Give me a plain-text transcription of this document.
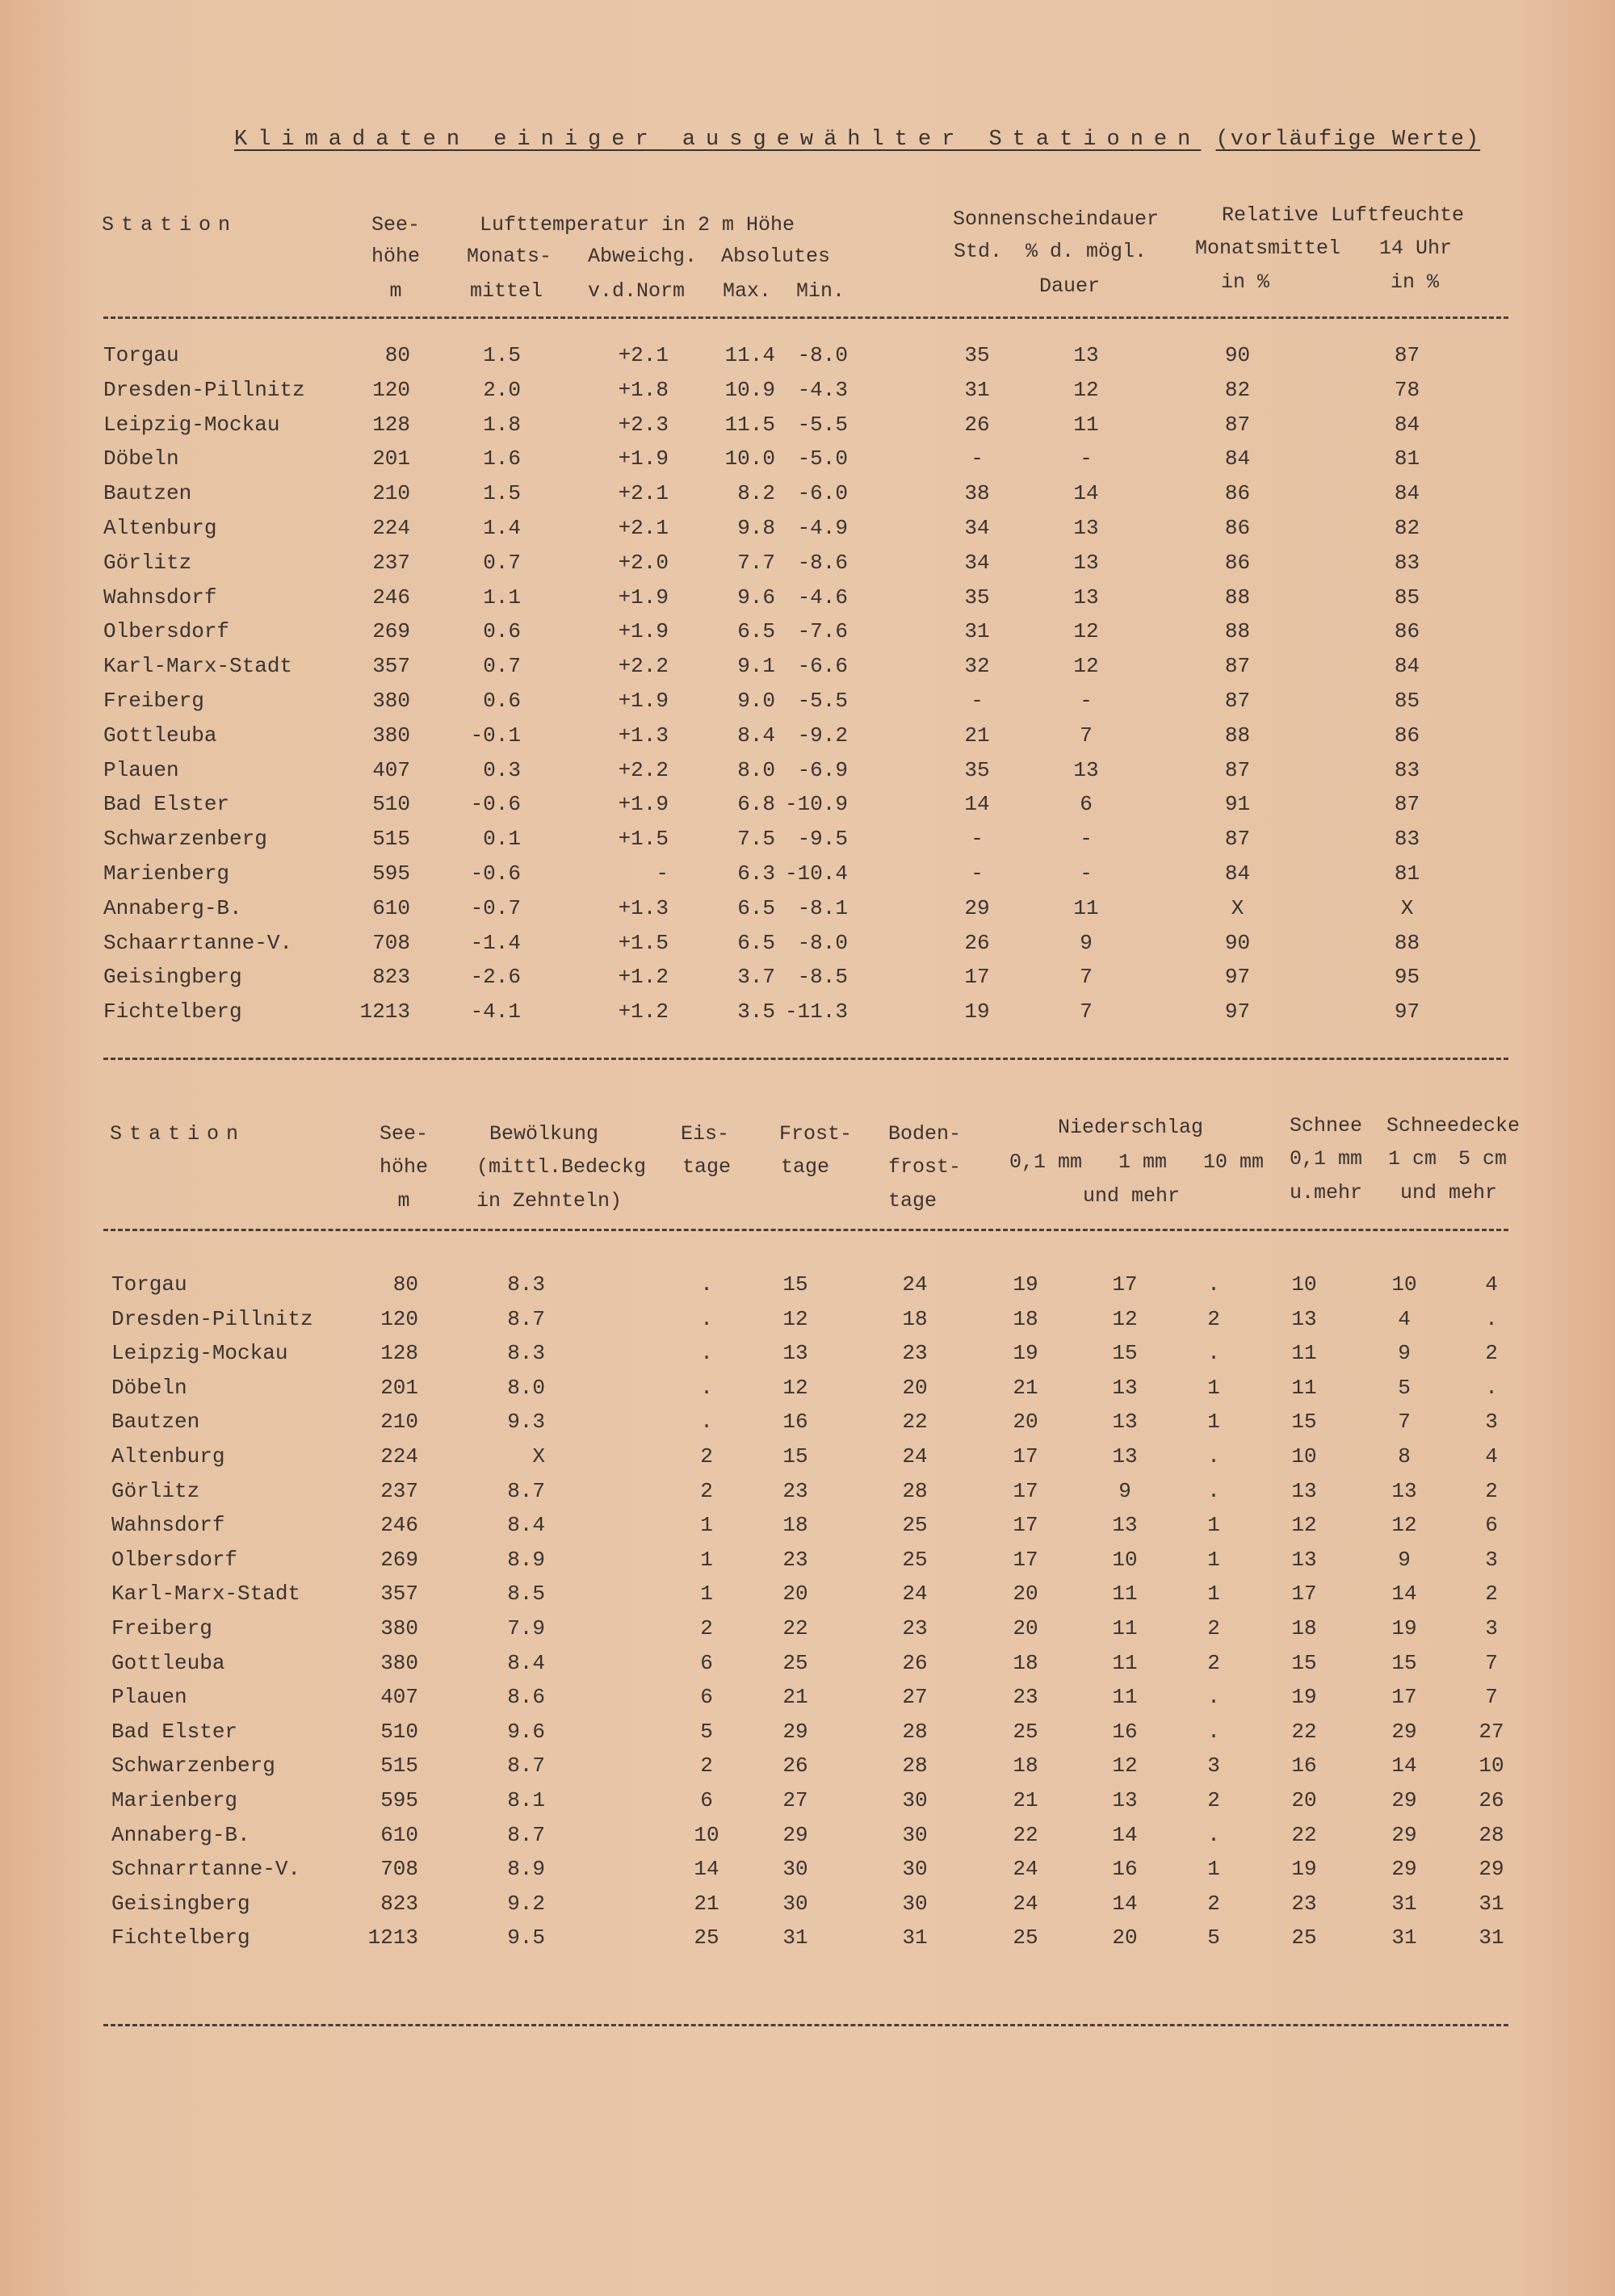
Klimadaten einiger ausgewählter Stationen (vorläufige Werte)
Station	See-
höhe
m
Lufttemperatur in 2 m Höhe
Monats-
mittel
Abweichg.
v.d.Norm
Absolutes
Max. Min.
Sonnenscheindauer
Std. % d. mögl.
Dauer
Relative Luftfeuchte
Monatsmittel
in %
14 Uhr
in %
Torgau	80	1.5	+2.1	11.4	-8.0	35	13	90	87
Dresden-Pillnitz	120	2.0	+1.8	10.9	-4.3	31	12	82	78
Leipzig-Mockau	128	1.8	+2.3	11.5	-5.5	26	11	87	84
Döbeln	201	1.6	+1.9	10.0	-5.0	-	-	84	81
Bautzen	210	1.5	+2.1	8.2	-6.0	38	14	86	84
Altenburg	224	1.4	+2.1	9.8	-4.9	34	13	86	82
Görlitz	237	0.7	+2.0	7.7	-8.6	34	13	86	83
Wahnsdorf	246	1.1	+1.9	9.6	-4.6	35	13	88	85
Olbersdorf	269	0.6	+1.9	6.5	-7.6	31	12	88	86
Karl-Marx-Stadt	357	0.7	+2.2	9.1	-6.6	32	12	87	84
Freiberg	380	0.6	+1.9	9.0	-5.5	-	-	87	85
Gottleuba	380	-0.1	+1.3	8.4	-9.2	21	7	88	86
Plauen	407	0.3	+2.2	8.0	-6.9	35	13	87	83
Bad Elster	510	-0.6	+1.9	6.8 -10.9	14	6	91	87
Schwarzenberg	515	0.1	+1.5	7.5	-9.5	-	-	87	83
Marienberg	595	-0.6	-	6.3 -10.4	-	-	84	81
Annaberg-B.	610	-0.7	+1.3	6.5	-8.1	29	11	X	X
Schaarrtanne-V.	708	-1.4	+1.5	6.5	-8.0	26	9	90	88
Geisingberg	823	-2.6	+1.2	3.7	-8.5	17	7	97	95
Fichtelberg	1213	-4.1	+1.2	3.5 -11.3	19	7	97	97
Station	See-
höhe
m
Bewölkung
(mittl.Bedeckg
in Zehnteln)
Eis-
tage
Frost-
tage
Boden-
frost-
tage
Niederschlag
0,1 mm 1 mm 10 mm
und mehr
Schnee
0,1 mm
u.mehr
Schneedecke
1 cm 5 cm
und mehr
Torgau	80	8.3	.	15	24	19	17	.	10	10	4
Dresden-Pillnitz	120	8.7	.	12	18	18	12	2	13	4	.
Leipzig-Mockau	128	8.3	.	13	23	19	15	.	11	9	2
Döbeln	201	8.0	.	12	20	21	13	1	11	5	.
Bautzen	210	9.3	.	16	22	20	13	1	15	7	3
Altenburg	224	X	2	15	24	17	13	.	10	8	4
Görlitz	237	8.7	2	23	28	17	9	.	13	13	2
Wahnsdorf	246	8.4	1	18	25	17	13	1	12	12	6
Olbersdorf	269	8.9	1	23	25	17	10	1	13	9	3
Karl-Marx-Stadt	357	8.5	1	20	24	20	11	1	17	14	2
Freiberg	380	7.9	2	22	23	20	11	2	18	19	3
Gottleuba	380	8.4	6	25	26	18	11	2	15	15	7
Plauen	407	8.6	6	21	27	23	11	.	19	17	7
Bad Elster	510	9.6	5	29	28	25	16	.	22	29	27
Schwarzenberg	515	8.7	2	26	28	18	12	3	16	14	10
Marienberg	595	8.1	6	27	30	21	13	2	20	29	26
Annaberg-B.	610	8.7	10	29	30	22	14	.	22	29	28
Schnarrtanne-V.	708	8.9	14	30	30	24	16	1	19	29	29
Geisingberg	823	9.2	21	30	30	24	14	2	23	31	31
Fichtelberg	1213	9.5	25	31	31	25	20	5	25	31	31
